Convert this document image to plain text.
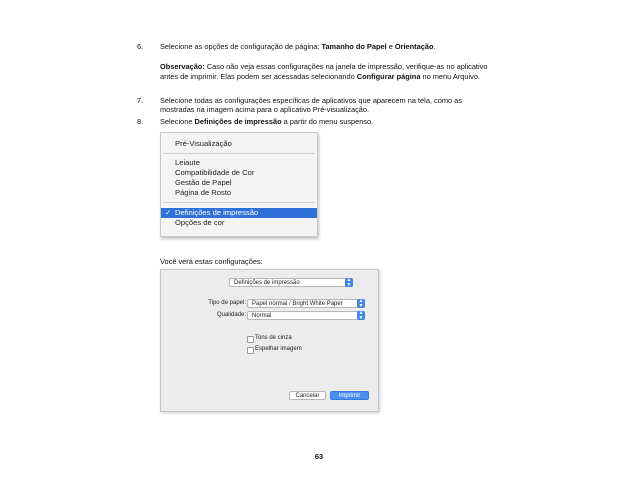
6. Selecione as opções de configuração de página: Tamanho do Papel e Orientação.
Observação: Caso não veja essas configurações na janela de impressão, verifique-as no aplicativo
antes de imprimir. Elas podem ser acessadas selecionando Configurar página no menu Arquivo.
7. Selecione todas as configurações específicas de aplicativos que aparecem na tela, como as
mostradas na imagem acima para o aplicativo Pré-visualização.
8. Selecione Definições de impressão a partir do menu suspenso.
Pré-Visualização
Leiaute
Compatibilidade de Cor
Gestão de Papel
Página de Rosto
✓ Definições de impressão
Opções de cor
Você verá estas configurações:
Definições de impressão	▲
▼
Tipo de papel:	Papel normal / Bright White Paper	▲
▼
Qualidade:	Normal	▲
▼
Tons de cinza
Espelhar imagem
Cancelar	Imprimir
63
